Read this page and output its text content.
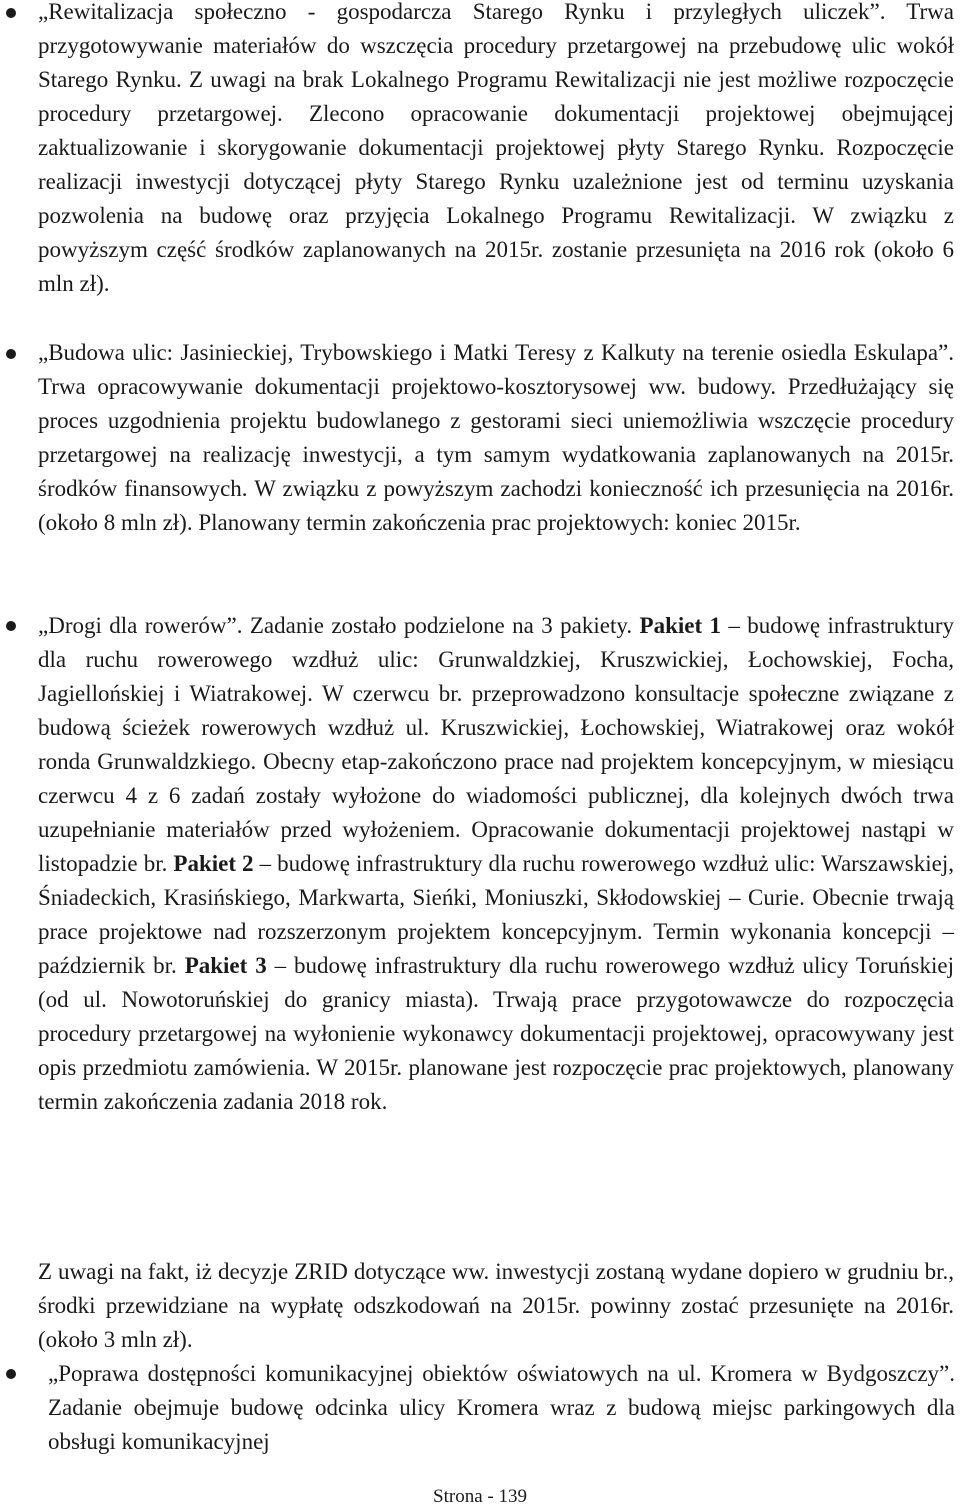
„Rewitalizacja społeczno - gospodarcza Starego Rynku i przyległych uliczek”. Trwa przygotowywanie materiałów do wszczęcia procedury przetargowej na przebudowę ulic wokół Starego Rynku. Z uwagi na brak Lokalnego Programu Rewitalizacji nie jest możliwe rozpoczęcie procedury przetargowej. Zlecono opracowanie dokumentacji projektowej obejmującej zaktualizowanie i skorygowanie dokumentacji projektowej płyty Starego Rynku. Rozpoczęcie realizacji inwestycji dotyczącej płyty Starego Rynku uzależnione jest od terminu uzyskania pozwolenia na budowę oraz przyjęcia Lokalnego Programu Rewitalizacji. W związku z powyższym część środków zaplanowanych na 2015r. zostanie przesunięta na 2016 rok (około 6 mln zł).
„Budowa ulic: Jasinieckiej, Trybowskiego i Matki Teresy z Kalkuty na terenie osiedla Eskulapa”. Trwa opracowywanie dokumentacji projektowo-kosztorysowej ww. budowy. Przedłużający się proces uzgodnienia projektu budowlanego z gestorami sieci uniemożliwia wszczęcie procedury przetargowej na realizację inwestycji, a tym samym wydatkowania zaplanowanych na 2015r. środków finansowych. W związku z powyższym zachodzi konieczność ich przesunięcia na 2016r. (około 8 mln zł). Planowany termin zakończenia prac projektowych: koniec 2015r.
„Drogi dla rowerów”. Zadanie zostało podzielone na 3 pakiety. Pakiet 1 – budowę infrastruktury dla ruchu rowerowego wzdłuż ulic: Grunwaldzkiej, Kruszwickiej, Łochowskiej, Focha, Jagiellońskiej i Wiatrakowej. W czerwcu br. przeprowadzono konsultacje społeczne związane z budową ścieżek rowerowych wzdłuż ul. Kruszwickiej, Łochowskiej, Wiatrakowej oraz wokół ronda Grunwaldzkiego. Obecny etap-zakończono prace nad projektem koncepcyjnym, w miesiącu czerwcu 4 z 6 zadań zostały wyłożone do wiadomości publicznej, dla kolejnych dwóch trwa uzupełnianie materiałów przed wyłożeniem. Opracowanie dokumentacji projektowej nastąpi w listopadzie br. Pakiet 2 – budowę infrastruktury dla ruchu rowerowego wzdłuż ulic: Warszawskiej, Śniadeckich, Krasińskiego, Markwarta, Sieńki, Moniuszki, Skłodowskiej – Curie. Obecnie trwają prace projektowe nad rozszerzonym projektem koncepcyjnym. Termin wykonania koncepcji – październik br. Pakiet 3 – budowę infrastruktury dla ruchu rowerowego wzdłuż ulicy Toruńskiej (od ul. Nowotoruńskiej do granicy miasta). Trwają prace przygotowawcze do rozpoczęcia procedury przetargowej na wyłonienie wykonawcy dokumentacji projektowej, opracowywany jest opis przedmiotu zamówienia. W 2015r. planowane jest rozpoczęcie prac projektowych, planowany termin zakończenia zadania 2018 rok.
Z uwagi na fakt, iż decyzje ZRID dotyczące ww. inwestycji zostaną wydane dopiero w grudniu br., środki przewidziane na wypłatę odszkodowań na 2015r. powinny zostać przesunięte na 2016r. (około 3 mln zł).
„Poprawa dostępności komunikacyjnej obiektów oświatowych na ul. Kromera w Bydgoszczy”. Zadanie obejmuje budowę odcinka ulicy Kromera wraz z budową miejsc parkingowych dla obsługi komunikacyjnej
Strona - 139
